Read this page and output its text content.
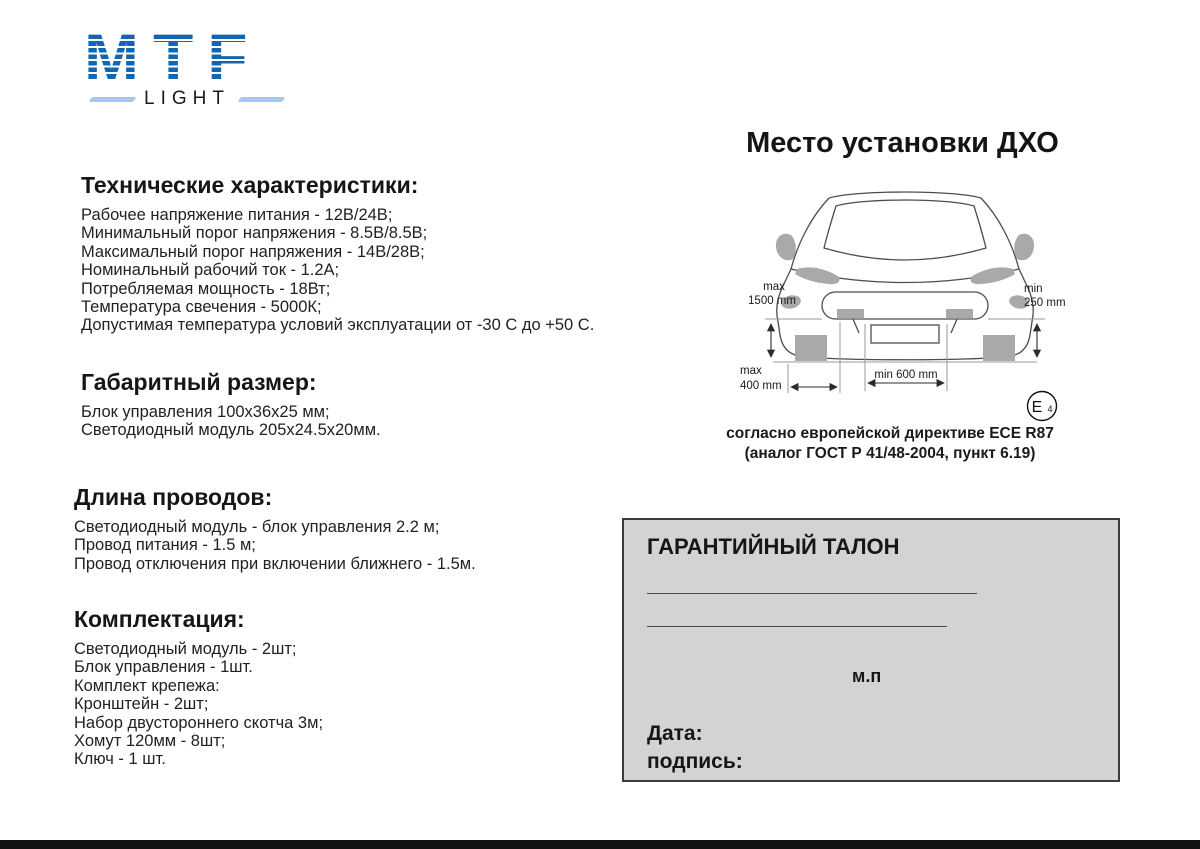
MTF
LIGHT
Технические характеристики:
Рабочее напряжение питания - 12В/24В;
Минимальный порог напряжения - 8.5В/8.5В;
Максимальный порог напряжения - 14В/28В;
Номинальный рабочий ток - 1.2А;
Потребляемая мощность - 18Вт;
Температура свечения - 5000К;
Допустимая температура условий эксплуатации от -30 С до +50 С.
Габаритный размер:
Блок управления 100х36х25 мм;
Светодиодный модуль 205х24.5х20мм.
Длина проводов:
Светодиодный модуль - блок управления 2.2 м;
Провод питания - 1.5 м;
Провод отключения при включении ближнего - 1.5м.
Комплектация:
Светодиодный модуль - 2шт;
Блок управления - 1шт.
Комплект крепежа:
Кронштейн - 2шт;
Набор двустороннего скотча 3м;
Хомут 120мм - 8шт;
Ключ - 1 шт.
Место установки ДХО
max
1500 mm
min
250 mm
max
400 mm
min 600 mm
E 4
согласно европейской директиве ECE R87
(аналог ГОСТ Р 41/48-2004, пункт 6.19)
ГАРАНТИЙНЫЙ ТАЛОН
м.п
Дата:
подпись:
